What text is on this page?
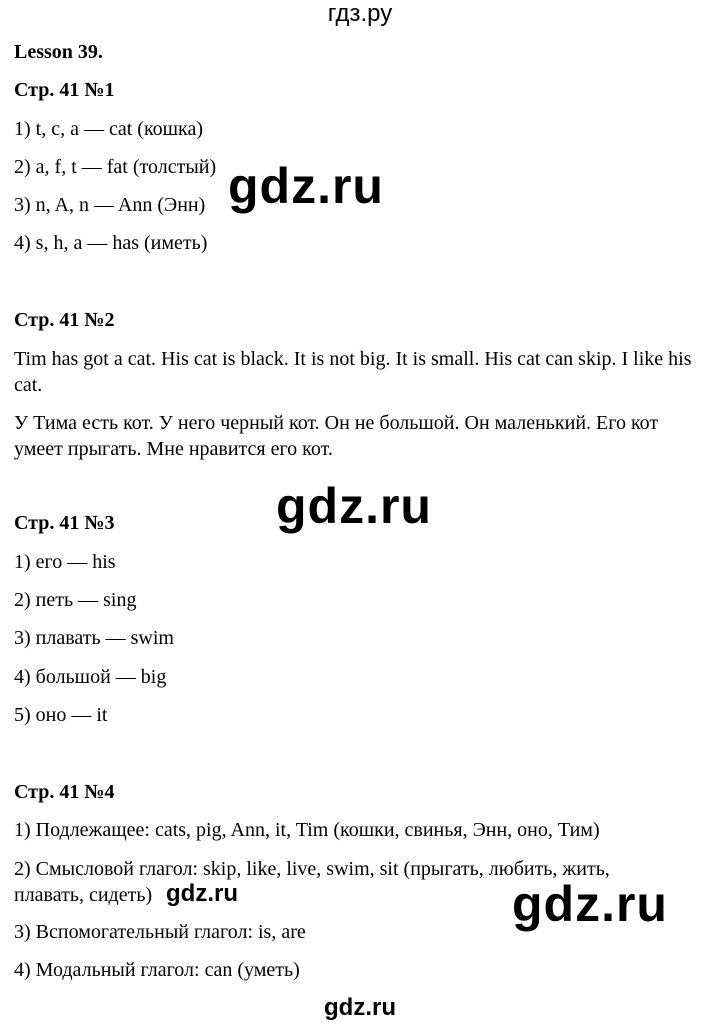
гдз.ру
Lesson 39.
Стр. 41 №1
1) t, c, a — cat (кошка)
2) a, f, t — fat (толстый)
3) n, A, n — Ann (Энн)
4) s, h, a — has (иметь)
gdz.ru
Стр. 41 №2
Tim has got a cat. His cat is black. It is not big. It is small. His cat can skip. I like his cat.
У Тима есть кот. У него черный кот. Он не большой. Он маленький. Его кот умеет прыгать. Мне нравится его кот.
gdz.ru
Стр. 41 №3
1) его — his
2) петь — sing
3) плавать — swim
4) большой — big
5) оно — it
Стр. 41 №4
1) Подлежащее: cats, pig, Ann, it, Tim (кошки, свинья, Энн, оно, Тим)
2) Смысловой глагол: skip, like, live, swim, sit (прыгать, любить, жить, плавать, сидеть)
3) Вспомогательный глагол: is, are
4) Модальный глагол: can (уметь)
gdz.ru	gdz.ru
gdz.ru
